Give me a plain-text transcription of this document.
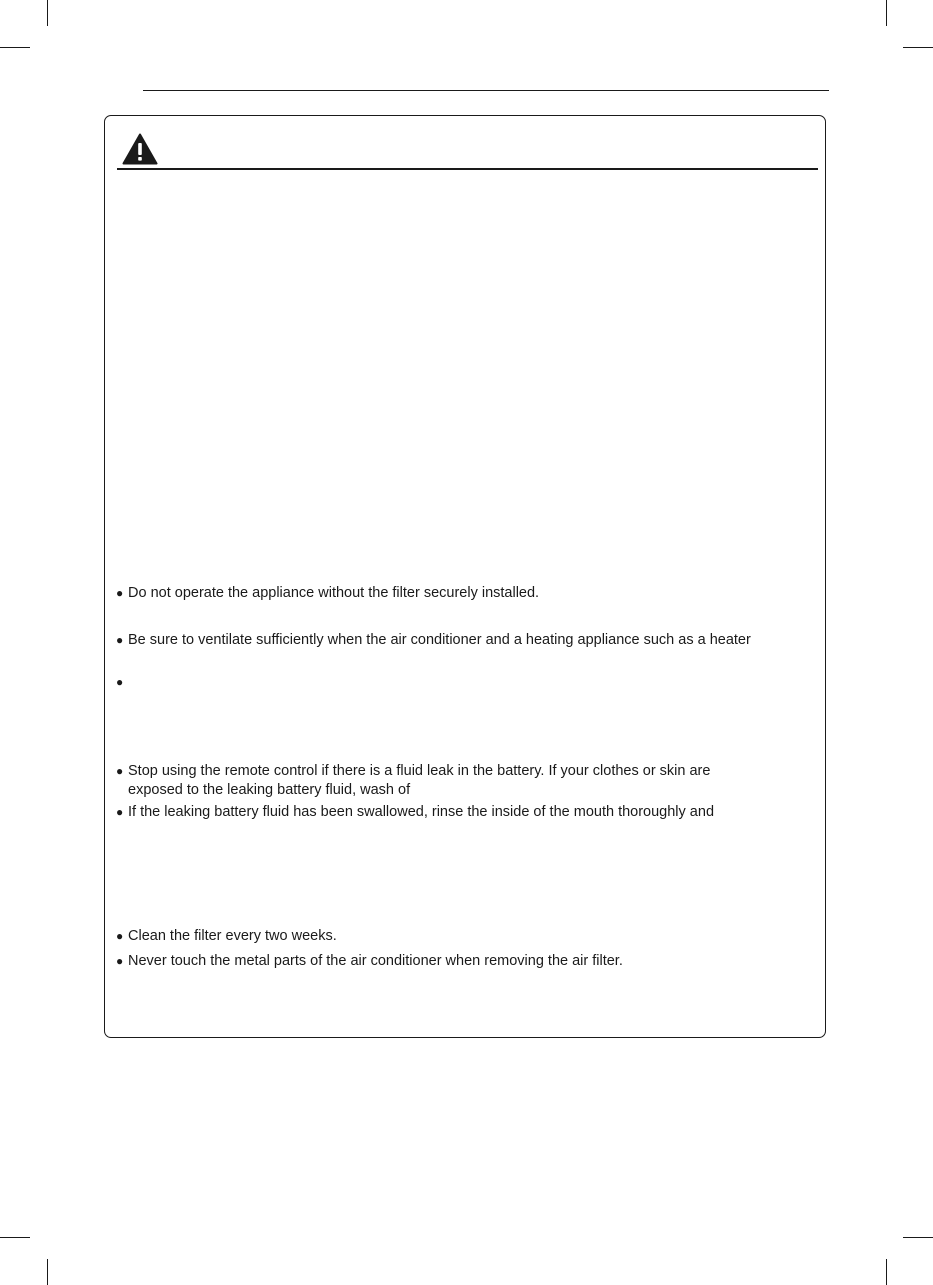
● Do not operate the appliance without the filter securely installed.
● Be sure to ventilate sufficiently when the air conditioner and a heating appliance such as a heater
●
● Stop using the remote control if there is a fluid leak in the battery. If your clothes or skin are
exposed to the leaking battery fluid, wash of
● If the leaking battery fluid has been swallowed, rinse the inside of the mouth thoroughly and
● Clean the filter every two weeks.
● Never touch the metal parts of the air conditioner when removing the air filter.
